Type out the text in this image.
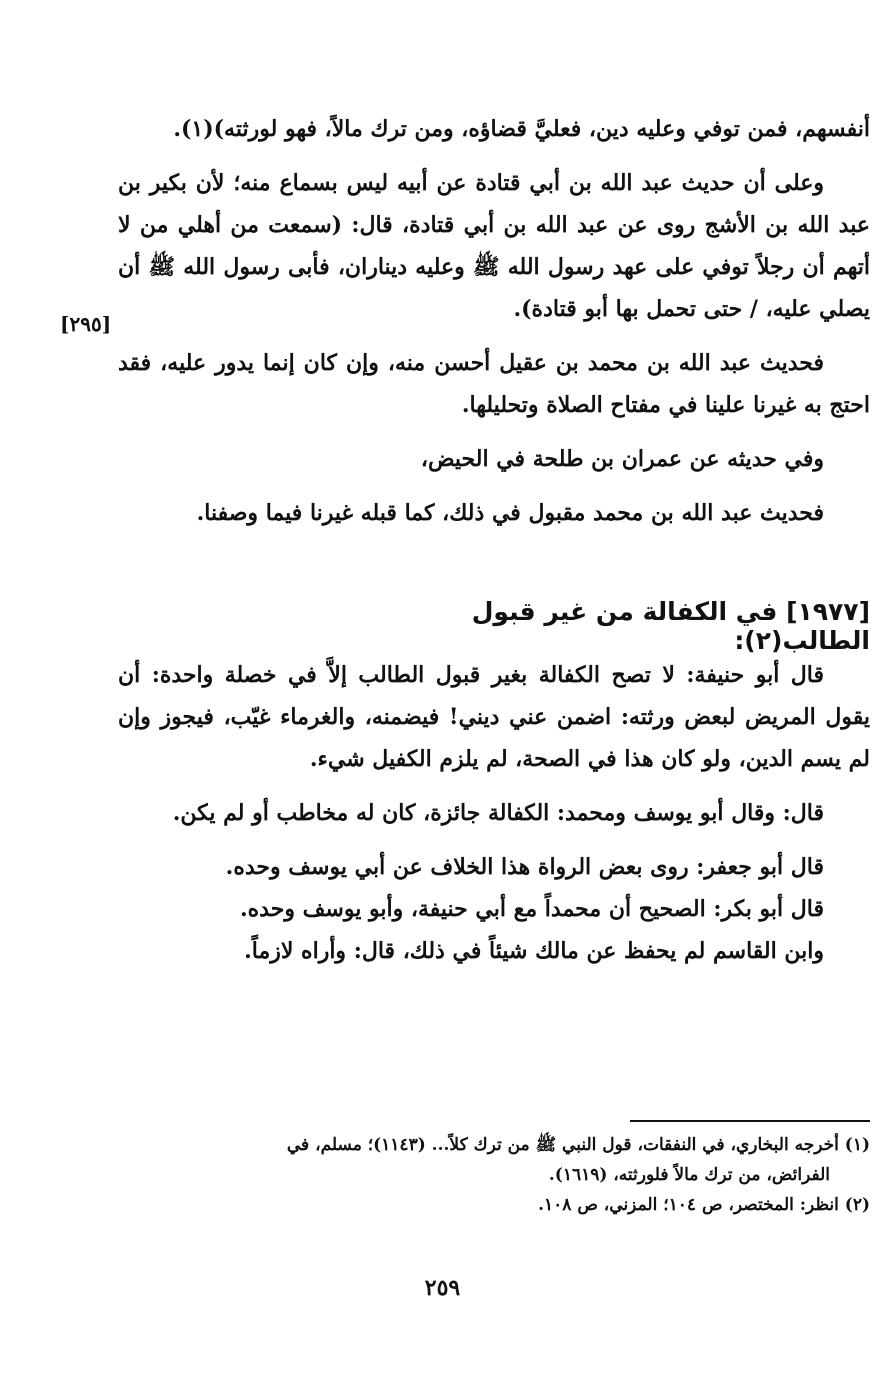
أنفسهم، فمن توفي وعليه دين، فعليَّ قضاؤه، ومن ترك مالاً، فهو لورثته)(١).

وعلى أن حديث عبد الله بن أبي قتادة عن أبيه ليس بسماع منه؛ لأن بكير بن عبد الله بن الأشج روى عن عبد الله بن أبي قتادة، قال: (سمعت من أهلي من لا أتهم أن رجلاً توفي على عهد رسول الله ﷺ وعليه ديناران، فأبى رسول الله ﷺ أن يصلي عليه، / حتى تحمل بها أبو قتادة).

فحديث عبد الله بن محمد بن عقيل أحسن منه، وإن كان إنما يدور عليه، فقد احتج به غيرنا علينا في مفتاح الصلاة وتحليلها.

وفي حديثه عن عمران بن طلحة في الحيض،

فحديث عبد الله بن محمد مقبول في ذلك، كما قبله غيرنا فيما وصفنا.

[٢٩٥]
[١٩٧٧] في الكفالة من غير قبول الطالب(٢):

قال أبو حنيفة: لا تصح الكفالة بغير قبول الطالب إلاَّ في خصلة واحدة: أن يقول المريض لبعض ورثته: اضمن عني ديني! فيضمنه، والغرماء غيّب، فيجوز وإن لم يسم الدين، ولو كان هذا في الصحة، لم يلزم الكفيل شيء.

قال: وقال أبو يوسف ومحمد: الكفالة جائزة، كان له مخاطب أو لم يكن.

قال أبو جعفر: روى بعض الرواة هذا الخلاف عن أبي يوسف وحده.

قال أبو بكر: الصحيح أن محمداً مع أبي حنيفة، وأبو يوسف وحده.

وابن القاسم لم يحفظ عن مالك شيئاً في ذلك، قال: وأراه لازماً.

(١) أخرجه البخاري، في النفقات، قول النبي ﷺ من ترك كلاً... (١١٤٣)؛ مسلم، في

الفرائض، من ترك مالاً فلورثته، (١٦١٩).

(٢) انظر: المختصر، ص ١٠٤؛ المزني، ص ١٠٨.

٢٥٩
